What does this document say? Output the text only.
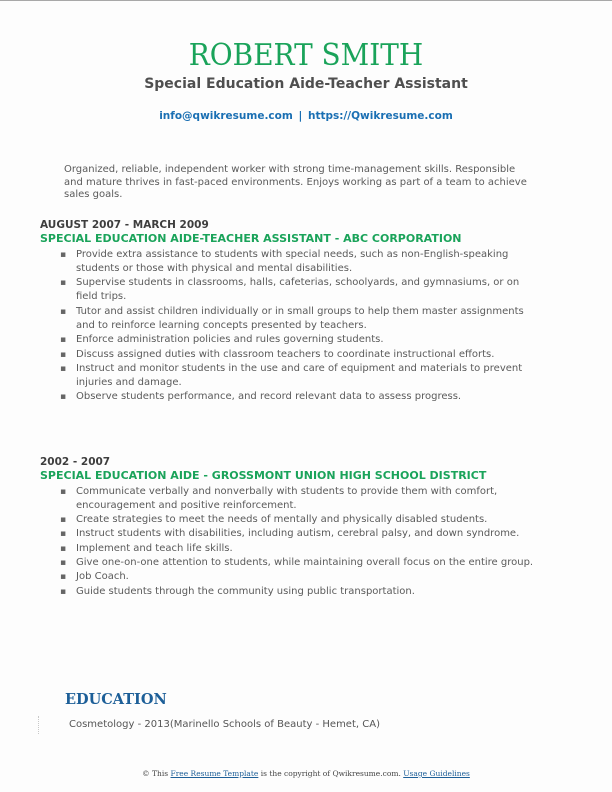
ROBERT SMITH
Special Education Aide-Teacher Assistant
info@qwikresume.com | https://Qwikresume.com
Organized, reliable, independent worker with strong time-management skills. Responsible and mature thrives in fast-paced environments. Enjoys working as part of a team to achieve sales goals.
AUGUST 2007 - MARCH 2009
SPECIAL EDUCATION AIDE-TEACHER ASSISTANT - ABC CORPORATION
▪ Provide extra assistance to students with special needs, such as non-English-speaking students or those with physical and mental disabilities.
▪ Supervise students in classrooms, halls, cafeterias, schoolyards, and gymnasiums, or on field trips.
▪ Tutor and assist children individually or in small groups to help them master assignments and to reinforce learning concepts presented by teachers.
▪ Enforce administration policies and rules governing students.
▪ Discuss assigned duties with classroom teachers to coordinate instructional efforts.
▪ Instruct and monitor students in the use and care of equipment and materials to prevent injuries and damage.
▪ Observe students performance, and record relevant data to assess progress.
2002 - 2007
SPECIAL EDUCATION AIDE - GROSSMONT UNION HIGH SCHOOL DISTRICT
▪ Communicate verbally and nonverbally with students to provide them with comfort, encouragement and positive reinforcement.
▪ Create strategies to meet the needs of mentally and physically disabled students.
▪ Instruct students with disabilities, including autism, cerebral palsy, and down syndrome.
▪ Implement and teach life skills.
▪ Give one-on-one attention to students, while maintaining overall focus on the entire group.
▪ Job Coach.
▪ Guide students through the community using public transportation.
EDUCATION
Cosmetology - 2013(Marinello Schools of Beauty - Hemet, CA)
© This Free Resume Template is the copyright of Qwikresume.com. Usage Guidelines
